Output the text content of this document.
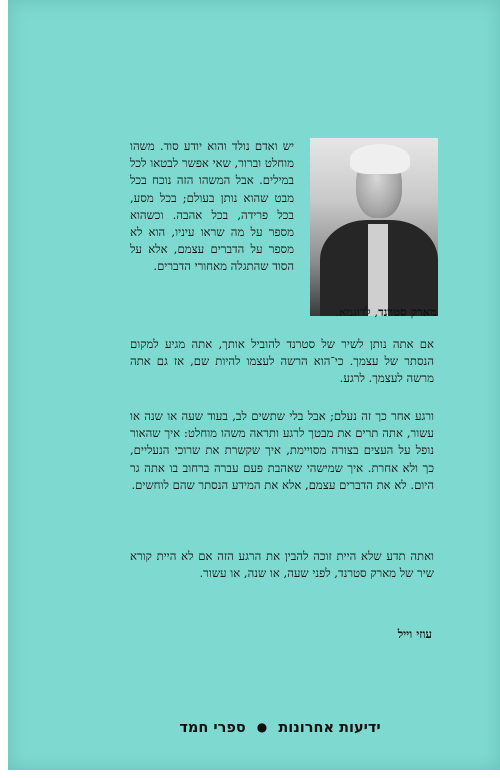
יש ואדם נולד והוא יודע סוד. משהו מוחלט וברור, שאי אפשר לבטאו לכל במילים. אבל המשהו הזה נוכח בכל מבט שהוא נותן בעולם; בכל מסע, בכל פרידה, בכל אהבה. וכשהוא מספר על מה שראו עיניו, הוא לא מספר על הדברים עצמם, אלא על הסוד שהתגלה מאחורי הדברים.

מארק סטרנד, לדוגמא.

אם אתה נותן לשיר של סטרנד להוביל אותך, אתה מגיע למקום הנסתר של עצמך. כי־הוא הרשה לעצמו להיות שם, אז גם אתה מרשה לעצמך. לרגע.

ורגע אחר כך זה נעלם; אבל בלי שתשים לב, בעוד שעה או שנה או עשור, אתה תרים את מבטך לרגע ותראה משהו מוחלט: איך שהאור נופל על העצים בצורה מסויימת, איך שקשרת את שרוכי הנעליים, כך ולא אחרת. איך שמישהי שאהבת פעם עברה ברחוב בו אתה גר היום. לא את הדברים עצמם, אלא את המידע הנסתר שהם לוחשים.

ואתה תדע שלא היית זוכה להבין את הרגע הזה אם לא היית קורא שיר של מארק סטרנד, לפני שעה, או שנה, או עשור.

עוזי וייל

ידיעות אחרונות ● ספרי חמד
